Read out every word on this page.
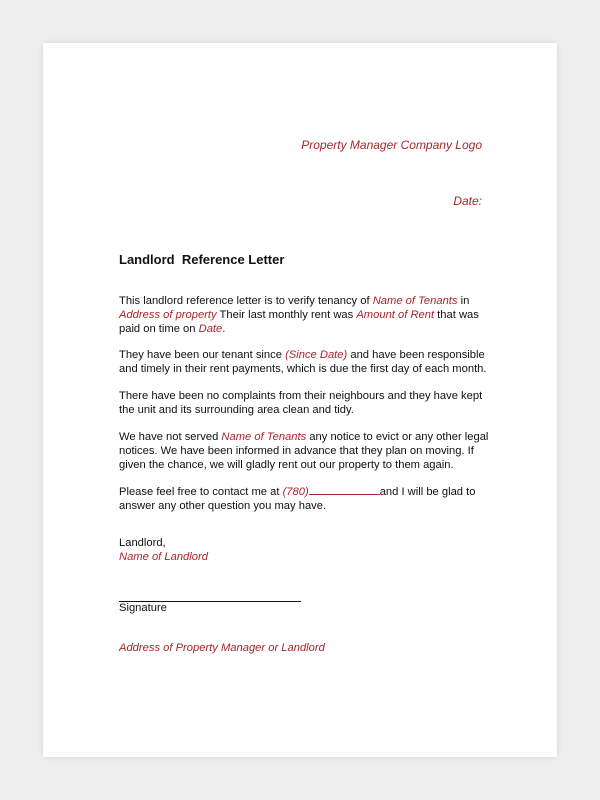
Property Manager Company Logo
Date:
Landlord  Reference Letter
This landlord reference letter is to verify tenancy of Name of Tenants in Address of property Their last monthly rent was Amount of Rent that was paid on time on Date.
They have been our tenant since (Since Date) and have been responsible and timely in their rent payments, which is due the first day of each month.
There have been no complaints from their neighbours and they have kept the unit and its surrounding area clean and tidy.
We have not served Name of Tenants any notice to evict or any other legal notices. We have been informed in advance that they plan on moving. If given the chance, we will gladly rent out our property to them again.
Please feel free to contact me at (780)	and I will be glad to answer any other question you may have.
Landlord,
Name of Landlord
Signature
Address of Property Manager or Landlord
